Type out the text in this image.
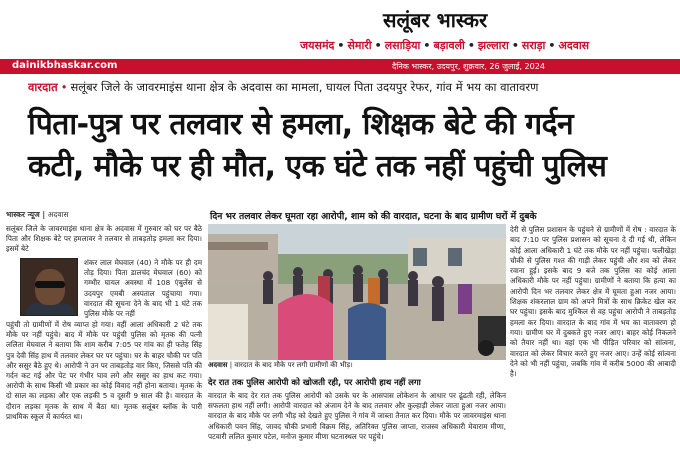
सलूंबर भास्कर
जयसमंद • सेमारी • लसाड़िया • बड़ावली • झल्लारा • सराड़ा • अदवास
dainikbhaskar.com	दैनिक भास्कर, उदयपुर, शुक्रवार, 26 जुलाई, 2024
वारदात • सलूंबर जिले के जावरमाइंस थाना क्षेत्र के अदवास का मामला, घायल पिता उदयपुर रेफर, गांव में भय का वातावरण
पिता-पुत्र पर तलवार से हमला, शिक्षक बेटे की गर्दन
कटी, मौके पर ही मौत, एक घंटे तक नहीं पहुंची पुलिस
भास्कर न्यूज | अदवास
सलूंबर जिले के जावरमाइंस थाना क्षेत्र के अदवास में गुरुवार को घर पर बैठे पिता और शिक्षक बेटे पर हमलावर ने तलवार से ताबड़तोड़ हमला कर दिया। इसमें बेटे
शंकर लाल मेघवाल (40) ने मौके पर ही दम तोड़ दिया। पिता डालचंद मेघवाल (60) को गम्भीर घायल अवस्था में 108 एंबुलेंस से उदयपुर एमबी अस्पताल पहुंचाया गया। वारदात की सूचना देने के बाद भी 1 घंटे तक पुलिस मौके पर नहीं
पहुंची तो ग्रामीणों में रोष व्याप्त हो गया। वहीं आला अधिकारी 2 घंटे तक मौके पर नहीं पहुंचे। बाद में मौके पर पहुंची पुलिस को मृतक की पत्नी ललिता मेघवाल ने बताया कि शाम करीब 7:05 पर गांव का ही फतेह सिंह पुत्र देवी सिंह हाथ में तलवार लेकर घर पर पहुंचा। घर के बाहर चौकी पर पति और ससुर बैठे हुए थे। आरोपी ने उन पर ताबड़तोड़ वार किए, जिससे पति की गर्दन कट गई और पेट पर गंभीर घाव लगे और ससुर का हाथ कट गया। आरोपी के साथ किसी भी प्रकार का कोई विवाद नहीं होना बताया। मृतक के दो साल का लड़का और एक लड़की 5 व दूसरी 9 साल की है। वारदात के दौरान लड़का मृतक के साथ में बैठा था। मृतक सलूंबर ब्लॉक के पारी प्राथमिक स्कूल में कार्यरत था।
दिन भर तलवार लेकर घूमता रहा आरोपी, शाम को की वारदात, घटना के बाद ग्रामीण घरों में दुबके
अदवास | वारदात के बाद मौके पर लगी ग्रामीणों की भीड़।
देरी से पुलिस प्रशासन के पहुंचने से ग्रामीणों में रोष : वारदात के बाद 7:10 पर पुलिस प्रशासन को सूचना दे दी गई थी, लेकिन कोई आला अधिकारी 1 घंटे तक मौके पर नहीं पहुंचा। फलीखेड़ा चौकी से पुलिस गश्त की गाड़ी लेकर पहुंची और शव को लेकर रवाना हुई। इसके बाद 9 बजे तक पुलिस का कोई आला अधिकारी मौके पर नहीं पहुंचा। ग्रामीणों ने बताया कि हत्या का आरोपी दिन भर तलवार लेकर क्षेत्र में घूमता हुआ नजर आया। शिक्षक शंकरलाल ग्राम को अपने मित्रों के साथ क्रिकेट खेल कर घर पहुंचा। इसके बाद मुश्किल से वह पहुंचा आरोपी ने ताबड़तोड़ हमला कर दिया। वारदात के बाद गांव में भय का वातावरण हो गया। ग्रामीण घर में दुबकते हुए नजर आए। बाहर कोई निकलने को तैयार नहीं था। वहां एक भी पीड़ित परिवार को सांत्वना, वारदात को लेकर विचार करते हुए नजर आए। उन्हें कोई सांत्वना देने को भी नहीं पहुंचा, जबकि गांव में करीब 5000 की आबादी है।
देर रात तक पुलिस आरोपी को खोजती रही, पर आरोपी हाथ नहीं लगा
वारदात के बाद देर रात तक पुलिस आरोपी को उसके घर के आसपास लोकेशन के आधार पर ढूंढती रही, लेकिन सफलता हाथ नहीं लगी। आरोपी वारदात को अंजाम देने के बाद तलवार और कुल्हाड़ी लेकर जाता हुआ नजर आया। वारदात के बाद मौके पर लगी भीड़ को देखते हुए पुलिस ने गांव में जाब्ता तैनात कर दिया। मौके पर जावरमाइंस थाना अधिकारी पवन सिंह, जावद चौकी प्रभारी विक्रम सिंह, अतिरिक्त पुलिस जाप्ता, राजस्व अधिकारी मेवाराम मीणा, पटवारी ललित कुमार पटेल, मनोज कुमार मीणा घटनास्थल पर पहुंचे।
